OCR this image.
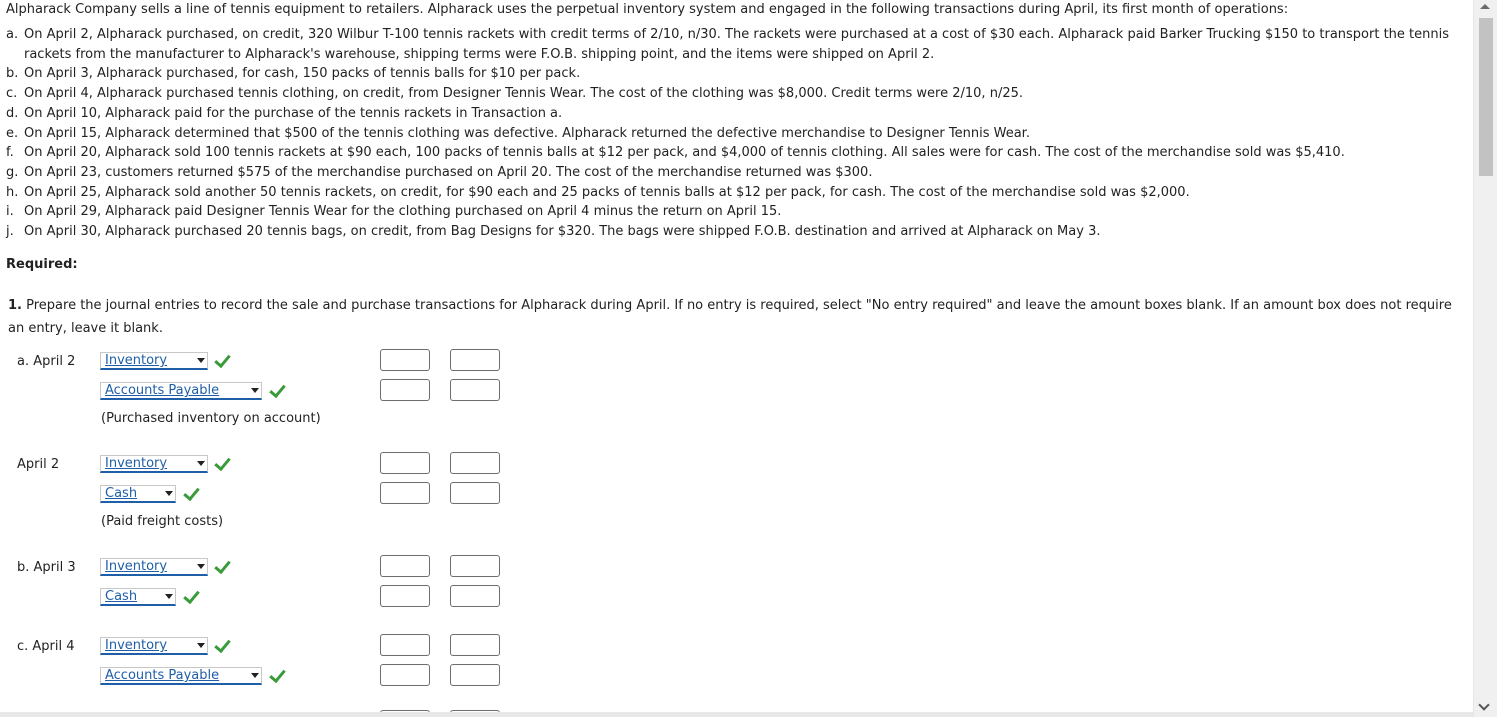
Alpharack Company sells a line of tennis equipment to retailers. Alpharack uses the perpetual inventory system and engaged in the following transactions during April, its first month of operations:
a. On April 2, Alpharack purchased, on credit, 320 Wilbur T-100 tennis rackets with credit terms of 2/10, n/30. The rackets were purchased at a cost of $30 each. Alpharack paid Barker Trucking $150 to transport the tennis rackets from the manufacturer to Alpharack's warehouse, shipping terms were F.O.B. shipping point, and the items were shipped on April 2.
b. On April 3, Alpharack purchased, for cash, 150 packs of tennis balls for $10 per pack.
c. On April 4, Alpharack purchased tennis clothing, on credit, from Designer Tennis Wear. The cost of the clothing was $8,000. Credit terms were 2/10, n/25.
d. On April 10, Alpharack paid for the purchase of the tennis rackets in Transaction a.
e. On April 15, Alpharack determined that $500 of the tennis clothing was defective. Alpharack returned the defective merchandise to Designer Tennis Wear.
f. On April 20, Alpharack sold 100 tennis rackets at $90 each, 100 packs of tennis balls at $12 per pack, and $4,000 of tennis clothing. All sales were for cash. The cost of the merchandise sold was $5,410.
g. On April 23, customers returned $575 of the merchandise purchased on April 20. The cost of the merchandise returned was $300.
h. On April 25, Alpharack sold another 50 tennis rackets, on credit, for $90 each and 25 packs of tennis balls at $12 per pack, for cash. The cost of the merchandise sold was $2,000.
i. On April 29, Alpharack paid Designer Tennis Wear for the clothing purchased on April 4 minus the return on April 15.
j. On April 30, Alpharack purchased 20 tennis bags, on credit, from Bag Designs for $320. The bags were shipped F.O.B. destination and arrived at Alpharack on May 3.
Required:
1. Prepare the journal entries to record the sale and purchase transactions for Alpharack during April. If no entry is required, select "No entry required" and leave the amount boxes blank. If an amount box does not require an entry, leave it blank.
a. April 2	Inventory
Accounts Payable
(Purchased inventory on account)
April 2	Inventory
Cash
(Paid freight costs)
b. April 3	Inventory
Cash
c. April 4	Inventory
Accounts Payable
